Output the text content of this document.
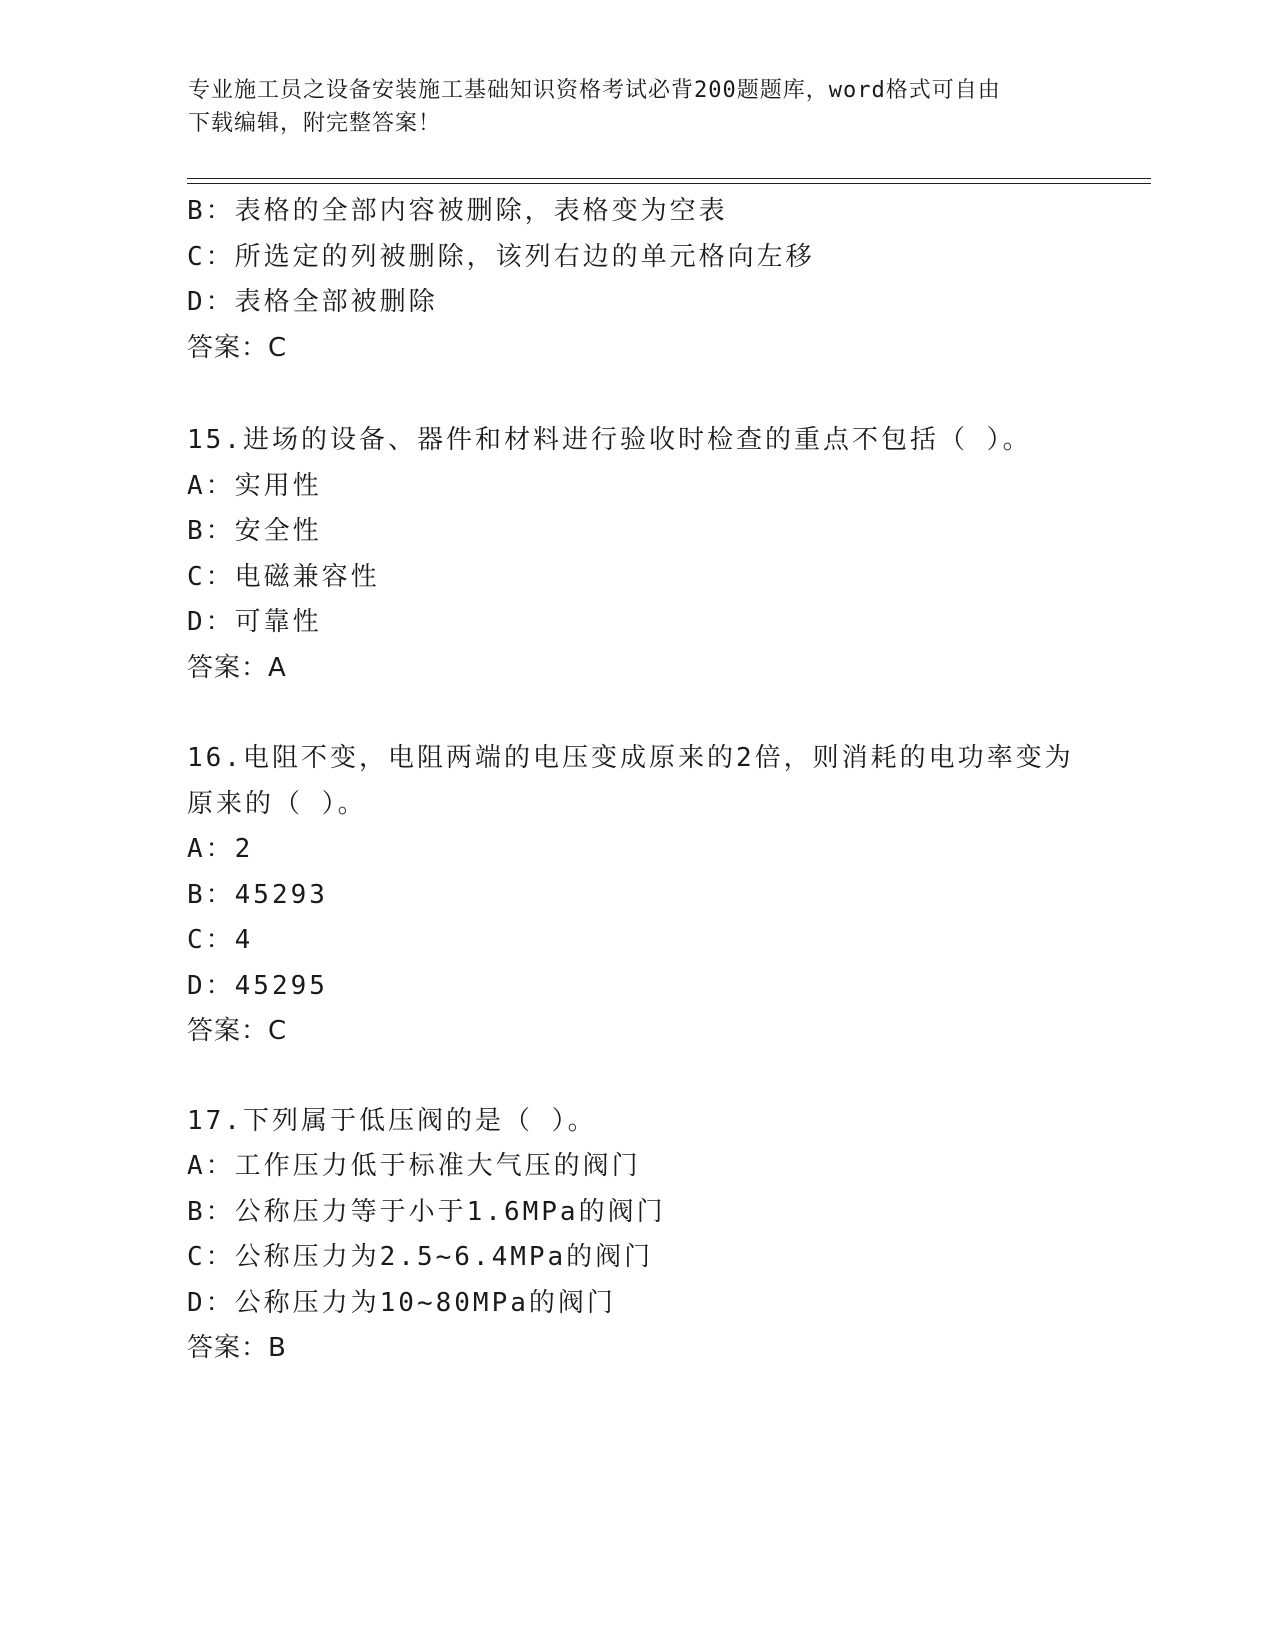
专业施工员之设备安装施工基础知识资格考试必背200题题库，word格式可自由
下载编辑，附完整答案！
B：表格的全部内容被删除，表格变为空表
C：所选定的列被删除，该列右边的单元格向左移
D：表格全部被删除
答案：C
15.进场的设备、器件和材料进行验收时检查的重点不包括（ ）。
A：实用性
B：安全性
C：电磁兼容性
D：可靠性
答案：A
16.电阻不变，电阻两端的电压变成原来的2倍，则消耗的电功率变为
原来的（ ）。
A：2
B：45293
C：4
D：45295
答案：C
17.下列属于低压阀的是（ ）。
A：工作压力低于标准大气压的阀门
B：公称压力等于小于1.6MPa的阀门
C：公称压力为2.5~6.4MPa的阀门
D：公称压力为10~80MPa的阀门
答案：B
